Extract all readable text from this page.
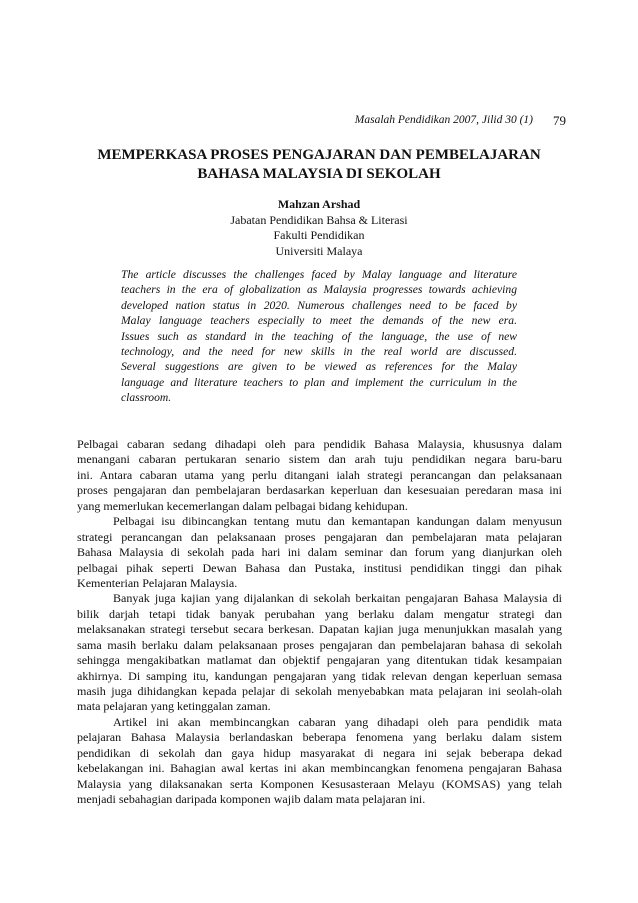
Masalah Pendidikan 2007, Jilid 30 (1) 79
MEMPERKASA PROSES PENGAJARAN DAN PEMBELAJARAN
BAHASA MALAYSIA DI SEKOLAH
Mahzan Arshad
Jabatan Pendidikan Bahsa & Literasi
Fakulti Pendidikan
Universiti Malaya
The article discusses the challenges faced by Malay language and literature
teachers in the era of globalization as Malaysia progresses towards achieving
developed nation status in 2020. Numerous challenges need to be faced by
Malay language teachers especially to meet the demands of the new era.
Issues such as standard in the teaching of the language, the use of new
technology, and the need for new skills in the real world are discussed.
Several suggestions are given to be viewed as references for the Malay
language and literature teachers to plan and implement the curriculum in the
classroom.
Pelbagai cabaran sedang dihadapi oleh para pendidik Bahasa Malaysia, khususnya dalam
menangani cabaran pertukaran senario sistem dan arah tuju pendidikan negara baru-baru
ini. Antara cabaran utama yang perlu ditangani ialah strategi perancangan dan pelaksanaan
proses pengajaran dan pembelajaran berdasarkan keperluan dan kesesuaian peredaran masa ini
yang memerlukan kecemerlangan dalam pelbagai bidang kehidupan.
Pelbagai isu dibincangkan tentang mutu dan kemantapan kandungan dalam menyusun
strategi perancangan dan pelaksanaan proses pengajaran dan pembelajaran mata pelajaran
Bahasa Malaysia di sekolah pada hari ini dalam seminar dan forum yang dianjurkan oleh
pelbagai pihak seperti Dewan Bahasa dan Pustaka, institusi pendidikan tinggi dan pihak
Kementerian Pelajaran Malaysia.
Banyak juga kajian yang dijalankan di sekolah berkaitan pengajaran Bahasa Malaysia di
bilik darjah tetapi tidak banyak perubahan yang berlaku dalam mengatur strategi dan
melaksanakan strategi tersebut secara berkesan. Dapatan kajian juga menunjukkan masalah yang
sama masih berlaku dalam pelaksanaan proses pengajaran dan pembelajaran bahasa di sekolah
sehingga mengakibatkan matlamat dan objektif pengajaran yang ditentukan tidak kesampaian
akhirnya. Di samping itu, kandungan pengajaran yang tidak relevan dengan keperluan semasa
masih juga dihidangkan kepada pelajar di sekolah menyebabkan mata pelajaran ini seolah-olah
mata pelajaran yang ketinggalan zaman.
Artikel ini akan membincangkan cabaran yang dihadapi oleh para pendidik mata
pelajaran Bahasa Malaysia berlandaskan beberapa fenomena yang berlaku dalam sistem
pendidikan di sekolah dan gaya hidup masyarakat di negara ini sejak beberapa dekad
kebelakangan ini. Bahagian awal kertas ini akan membincangkan fenomena pengajaran Bahasa
Malaysia yang dilaksanakan serta Komponen Kesusasteraan Melayu (KOMSAS) yang telah
menjadi sebahagian daripada komponen wajib dalam mata pelajaran ini.
